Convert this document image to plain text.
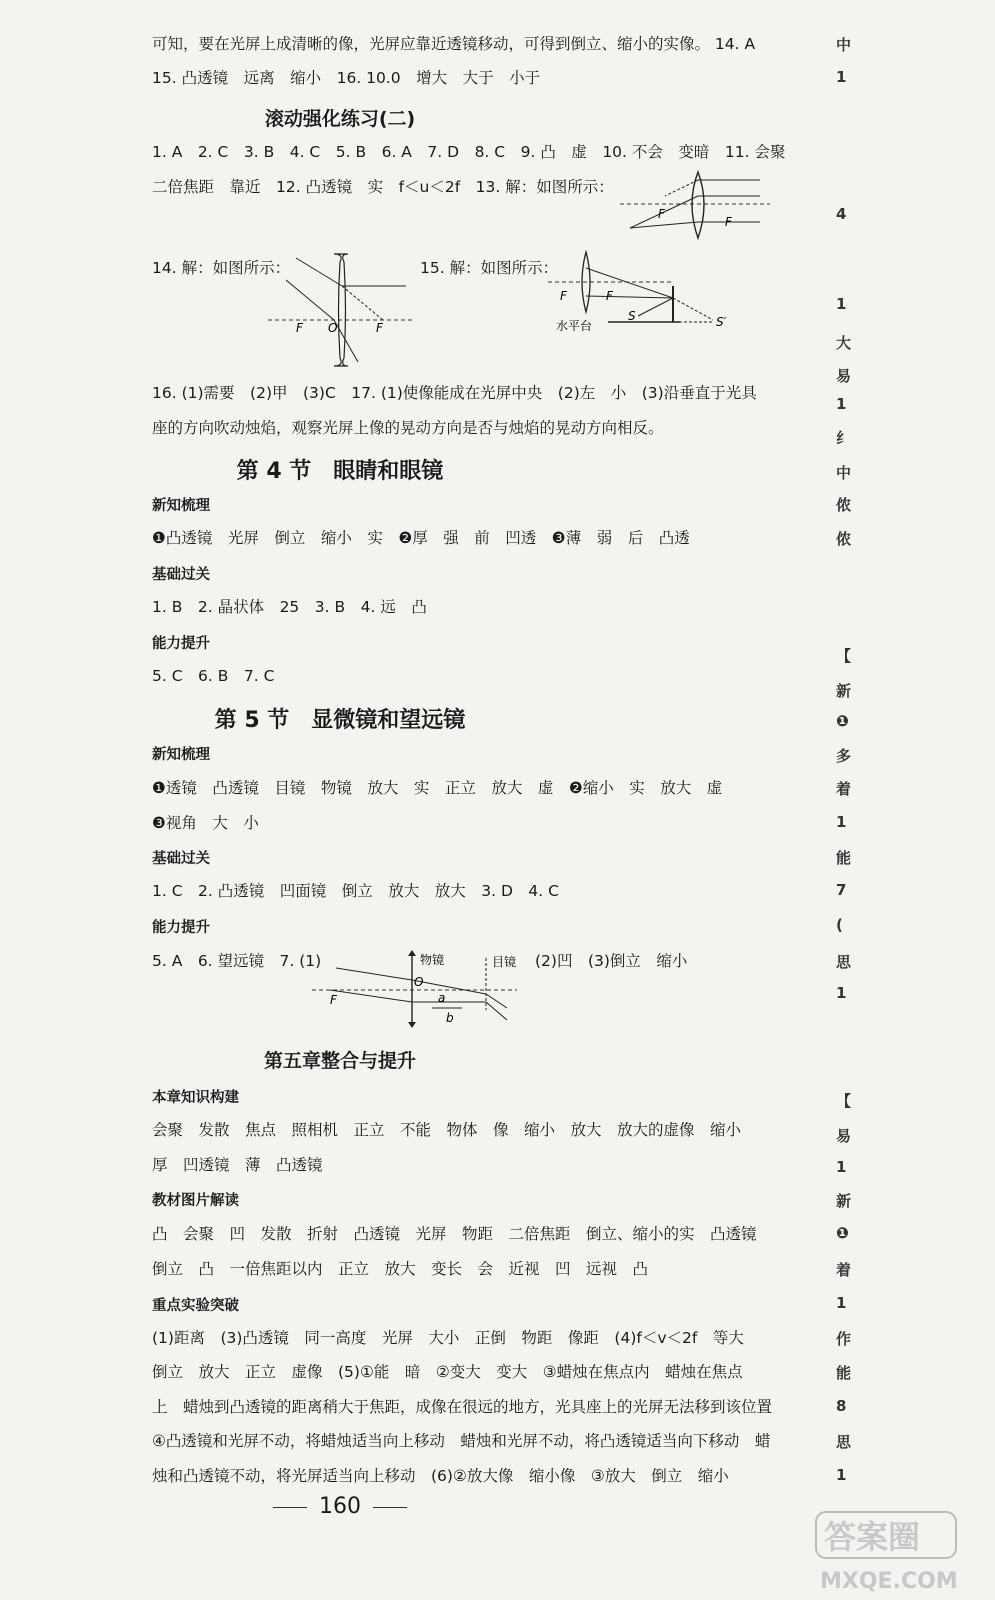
可知，要在光屏上成清晰的像，光屏应靠近透镜移动，可得到倒立、缩小的实像。 14. A
15. 凸透镜　远离　缩小　16. 10.0　增大　大于　小于
滚动强化练习(二)
1. A　2. C　3. B　4. C　5. B　6. A　7. D　8. C　9. 凸　虚　10. 不会　变暗　11. 会聚
二倍焦距　靠近　12. 凸透镜　实　f＜u＜2f　13. 解：如图所示：
F
F
14. 解：如图所示：	15. 解：如图所示：
F O	F
F	F
S	S′
水平台
16. (1)需要　(2)甲　(3)C　17. (1)使像能成在光屏中央　(2)左　小　(3)沿垂直于光具
座的方向吹动烛焰，观察光屏上像的晃动方向是否与烛焰的晃动方向相反。
第 4 节　眼睛和眼镜
新知梳理
❶凸透镜　光屏　倒立　缩小　实　❷厚　强　前　凹透　❸薄　弱　后　凸透
基础过关
1. B　2. 晶状体　25　3. B　4. 远　凸
能力提升
5. C　6. B　7. C
第 5 节　显微镜和望远镜
新知梳理
❶透镜　凸透镜　目镜　物镜　放大　实　正立　放大　虚　❷缩小　实　放大　虚
❸视角　大　小
基础过关
1. C　2. 凸透镜　凹面镜　倒立　放大　放大　3. D　4. C
能力提升
5. A　6. 望远镜　7. (1)	(2)凹　(3)倒立　缩小
物镜	目镜
O
F	a
b
第五章整合与提升
本章知识构建
会聚　发散　焦点　照相机　正立　不能　物体　像　缩小　放大　放大的虚像　缩小
厚　凹透镜　薄　凸透镜
教材图片解读
凸　会聚　凹　发散　折射　凸透镜　光屏　物距　二倍焦距　倒立、缩小的实　凸透镜
倒立　凸　一倍焦距以内　正立　放大　变长　会　近视　凹　远视　凸
重点实验突破
(1)距离　(3)凸透镜　同一高度　光屏　大小　正倒　物距　像距　(4)f＜v＜2f　等大
倒立　放大　正立　虚像　(5)①能　暗　②变大　变大　③蜡烛在焦点内　蜡烛在焦点
上　蜡烛到凸透镜的距离稍大于焦距，成像在很远的地方，光具座上的光屏无法移到该位置
④凸透镜和光屏不动，将蜡烛适当向上移动　蜡烛和光屏不动，将凸透镜适当向下移动　蜡
烛和凸透镜不动，将光屏适当向上移动　(6)②放大像　缩小像　③放大　倒立　缩小
160
中
1
4
1
大
易
1
纟
中
侬
侬
【
新
❶
多
着
1
能
7
(
思
1
【
易
1
新
❶
着
1
作
能
8
思
1
答案圈
MXQE.COM
